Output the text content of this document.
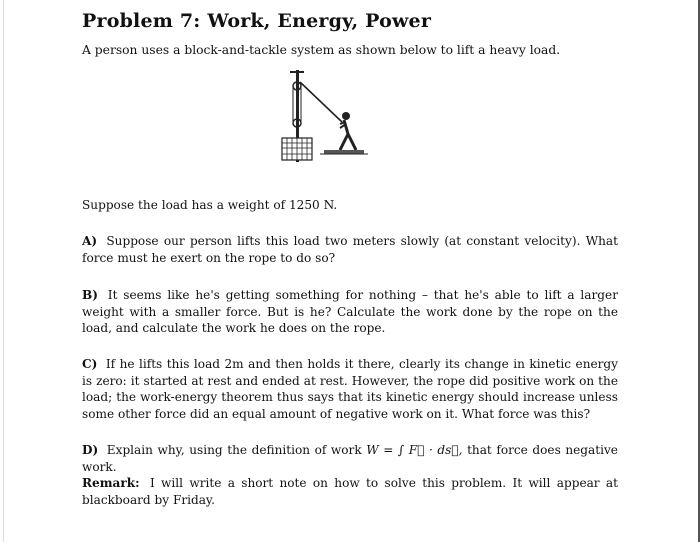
Problem 7: Work, Energy, Power
A person uses a block-and-tackle system as shown below to lift a heavy load.
Suppose the load has a weight of 1250 N.
A) Suppose our person lifts this load two meters slowly (at constant velocity). What force must he exert on the rope to do so?
B) It seems like he's getting something for nothing – that he's able to lift a larger weight with a smaller force. But is he? Calculate the work done by the rope on the load, and calculate the work he does on the rope.
C) If he lifts this load 2m and then holds it there, clearly its change in kinetic energy is zero: it started at rest and ended at rest. However, the rope did positive work on the load; the work-energy theorem thus says that its kinetic energy should increase unless some other force did an equal amount of negative work on it. What force was this?
D) Explain why, using the definition of work W = ∫ F⃗ · ds⃗, that force does negative work.
Remark: I will write a short note on how to solve this problem. It will appear at blackboard by Friday.
